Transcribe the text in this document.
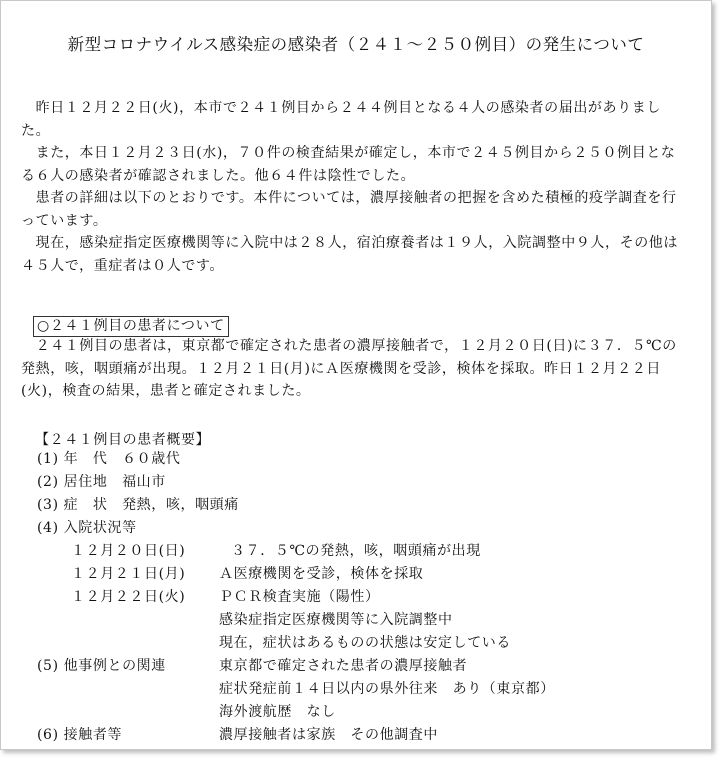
新型コロナウイルス感染症の感染者（２４１～２５０例目）の発生について
　昨日１２月２２日(火)，本市で２４１例目から２４４例目となる４人の感染者の届出がありました。
　また，本日１２月２３日(水)，７０件の検査結果が確定し，本市で２４５例目から２５０例目となる６人の感染者が確認されました。他６４件は陰性でした。
　患者の詳細は以下のとおりです。本件については，濃厚接触者の把握を含めた積極的疫学調査を行っています。
　現在，感染症指定医療機関等に入院中は２８人，宿泊療養者は１９人，入院調整中９人，その他は４５人で，重症者は０人です。
○２４１例目の患者について
　２４１例目の患者は，東京都で確定された患者の濃厚接触者で，１２月２０日(日)に３７．５℃の発熱，咳，咽頭痛が出現。１２月２１日(月)にＡ医療機関を受診，検体を採取。昨日１２月２２日(火)，検査の結果，患者と確定されました。
【２４１例目の患者概要】
(1) 年　代　６０歳代
(2) 居住地　福山市
(3) 症　状　発熱，咳，咽頭痛
(4) 入院状況等
１２月２０日(日)	３７．５℃の発熱，咳，咽頭痛が出現
１２月２１日(月) Ａ医療機関を受診，検体を採取
１２月２２日(火) ＰＣＲ検査実施（陽性）
感染症指定医療機関等に入院調整中
現在，症状はあるものの状態は安定している
(5) 他事例との関連	東京都で確定された患者の濃厚接触者
症状発症前１４日以内の県外往来　あり（東京都）
海外渡航歴　なし
(6) 接触者等	濃厚接触者は家族　その他調査中
